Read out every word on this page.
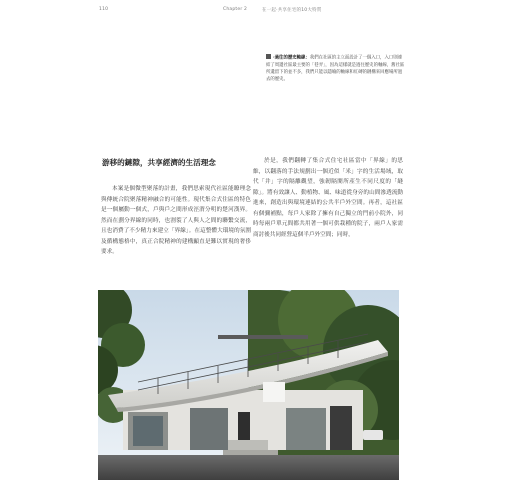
110	Chapter 2	在一起·共享住宅的10大特質
·過往的歷史軸線：我們在社區的主立面設計了一個入口，入口則連結了周邊社區最主要的「巷弄」，因為這樣就是過往歷史的軸線，舊社區所遺留下的並不多，我們只能以隱喻的軸線和紅磚的鏈構來回應場所過去的歷史。
游移的鏈隙，共享經濟的生活理念

本案是個微型聚落的計畫，我們思索現代社區能瞭理念與傳統合院聚落精神融合的可能性。現代集合式住區的特色是一個屬動一個式，戶與戶之間形成涇渭分明的楚河漢界。然而在劃分界線的同時，也割裂了人與人之間的聯繫交流，且也消費了不少精力來建立「界線」。在這整體大環境的氛圍及循構態格中，真正合院精神的建構顯直是難以實現的奢侈要求。

於是，我們翻轉了集合式住宅社區當中「界線」的思維，以翻落的手法規劃出一個近似「米」字的生活場域，取代「井」字的隔離觀望，強韌隔閡所產生不同尺度的「縫隙」。將有效讓人、動植物、風、味道從身旁的山間滲透流動進來，創造出與環境連結的公共半戶外空間。再者，這社區有個彌補點，每戶人家除了擁有自己獨立的門前小院外，同時每兩戶單元間都共用著一個可供栽種的院子，兩戶人家需商討後共同經營這個半戶外空間；同時，
